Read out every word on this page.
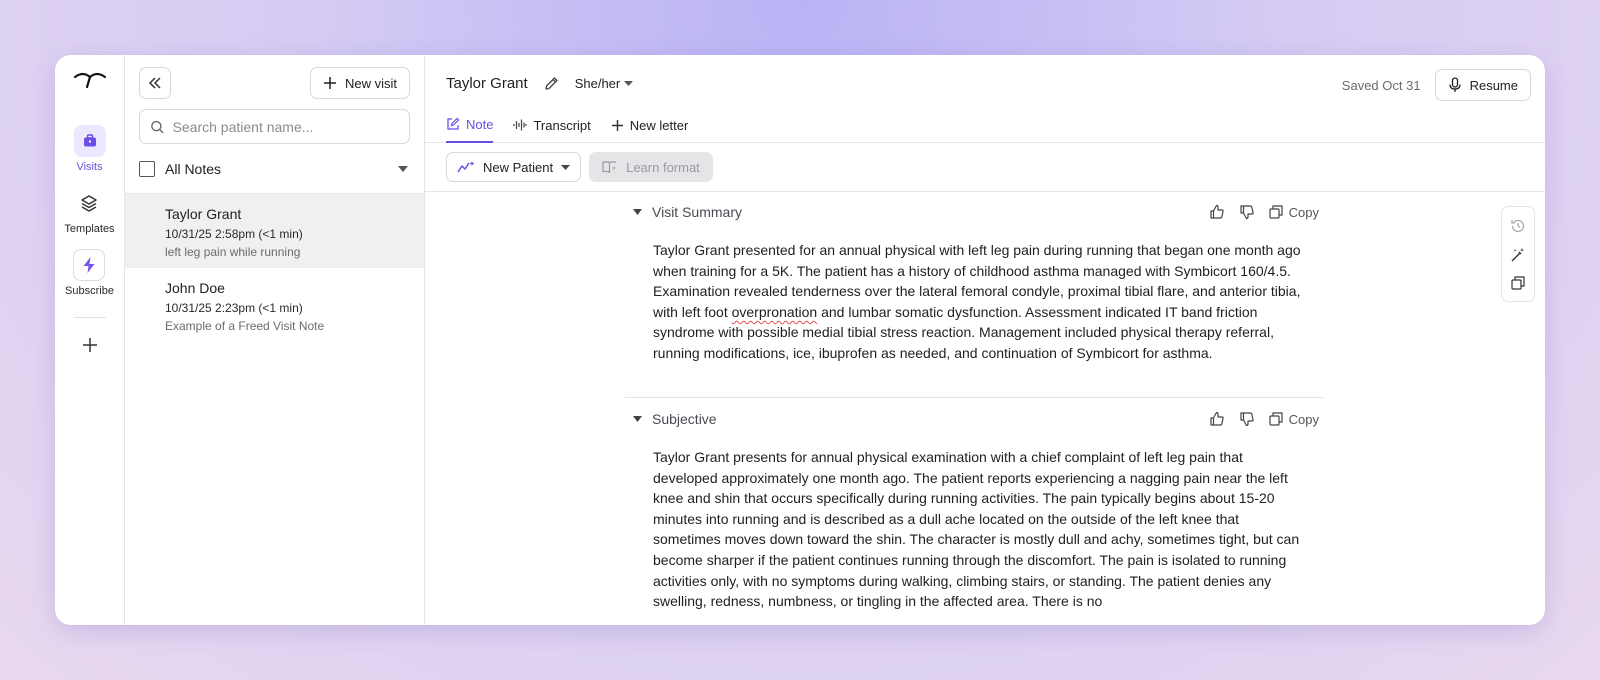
Visits
Templates
Subscribe
New visit
Search patient name...
All Notes
Taylor Grant
10/31/25 2:58pm (<1 min)
left leg pain while running
John Doe
10/31/25 2:23pm (<1 min)
Example of a Freed Visit Note
Taylor Grant	She/her	Saved Oct 31	Resume
Note	Transcript	New letter
New Patient	Learn format
Visit Summary	Copy

Taylor Grant presented for an annual physical with left leg pain during running that began one month ago when training for a 5K. The patient has a history of childhood asthma managed with Symbicort 160/4.5. Examination revealed tenderness over the lateral femoral condyle, proximal tibial flare, and anterior tibia, with left foot overpronation and lumbar somatic dysfunction. Assessment indicated IT band friction syndrome with possible medial tibial stress reaction. Management included physical therapy referral, running modifications, ice, ibuprofen as needed, and continuation of Symbicort for asthma.

Subjective	Copy

Taylor Grant presents for annual physical examination with a chief complaint of left leg pain that developed approximately one month ago. The patient reports experiencing a nagging pain near the left knee and shin that occurs specifically during running activities. The pain typically begins about 15-20 minutes into running and is described as a dull ache located on the outside of the left knee that sometimes moves down toward the shin. The character is mostly dull and achy, sometimes tight, but can become sharper if the patient continues running through the discomfort. The pain is isolated to running activities only, with no symptoms during walking, climbing stairs, or standing. The patient denies any swelling, redness, numbness, or tingling in the affected area. There is no
